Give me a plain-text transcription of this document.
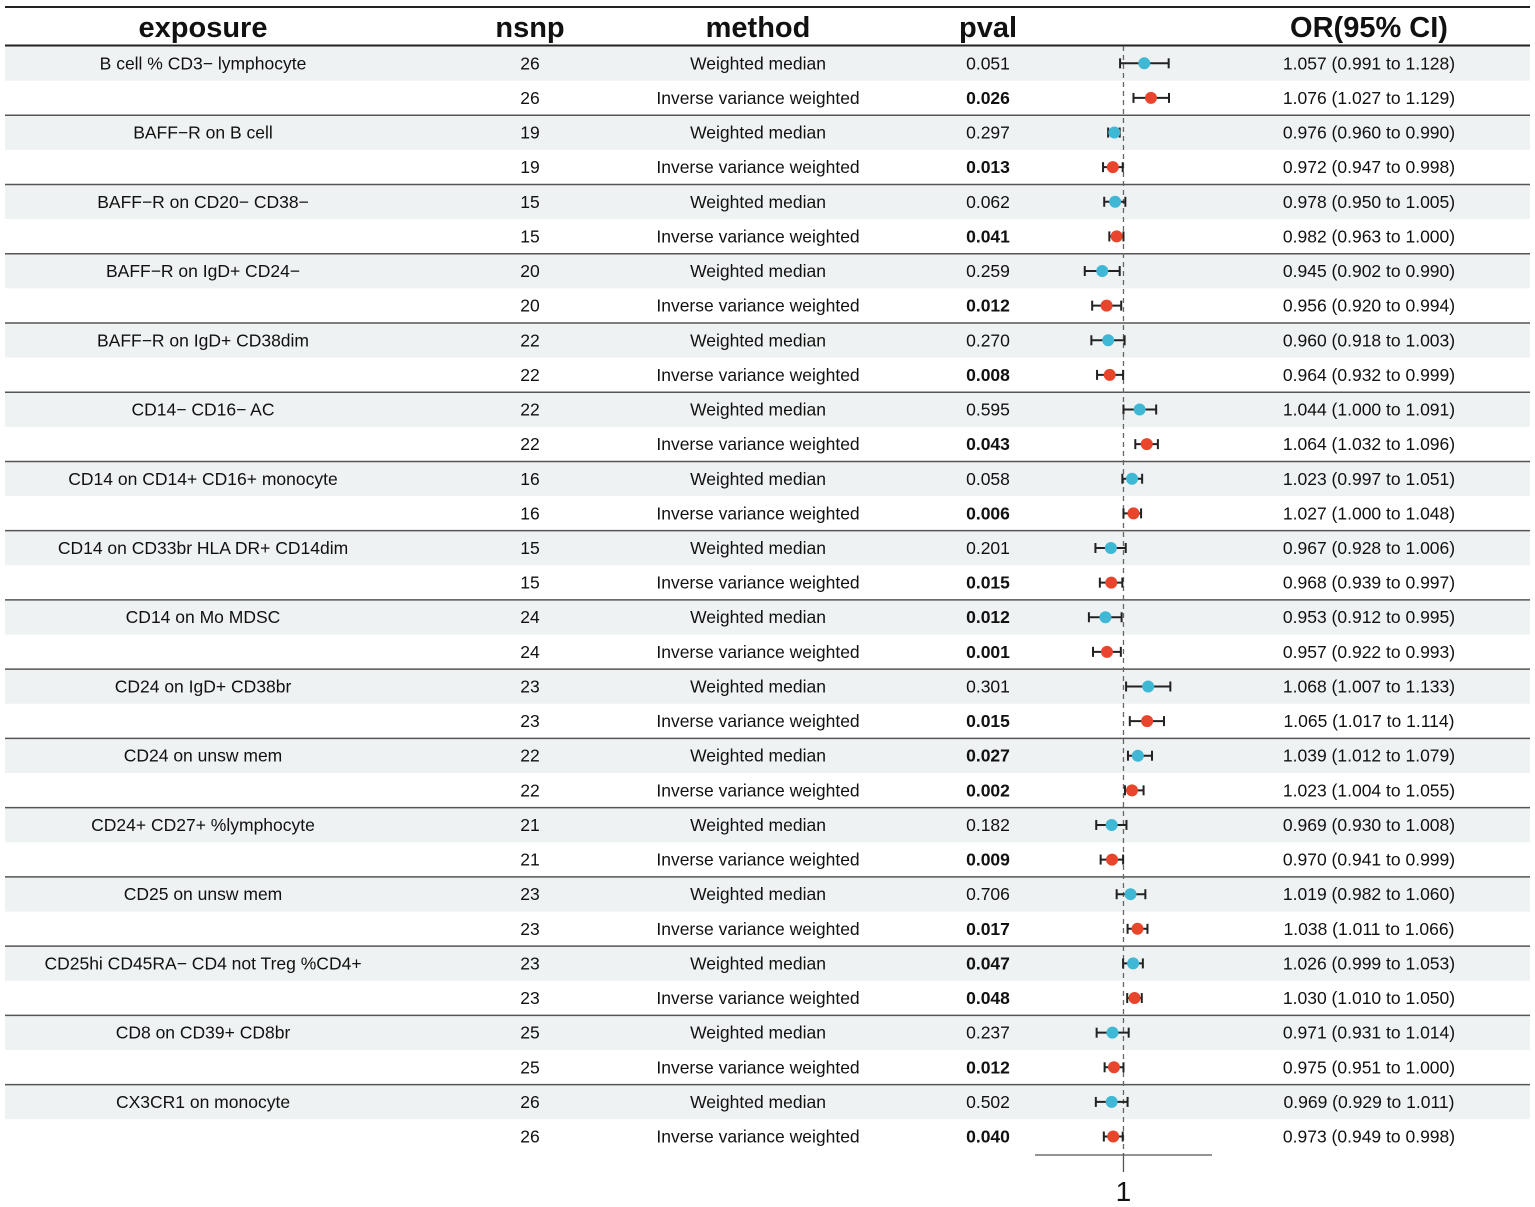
exposure	nsnp	method	pval	OR(95% CI)
1
B cell % CD3− lymphocyte	26	Weighted median	0.051	1.057 (0.991 to 1.128)
26	Inverse variance weighted	0.026	1.076 (1.027 to 1.129)
BAFF−R on B cell	19	Weighted median	0.297	0.976 (0.960 to 0.990)
19	Inverse variance weighted	0.013	0.972 (0.947 to 0.998)
BAFF−R on CD20− CD38−	15	Weighted median	0.062	0.978 (0.950 to 1.005)
15	Inverse variance weighted	0.041	0.982 (0.963 to 1.000)
BAFF−R on IgD+ CD24−	20	Weighted median	0.259	0.945 (0.902 to 0.990)
20	Inverse variance weighted	0.012	0.956 (0.920 to 0.994)
BAFF−R on IgD+ CD38dim	22	Weighted median	0.270	0.960 (0.918 to 1.003)
22	Inverse variance weighted	0.008	0.964 (0.932 to 0.999)
CD14− CD16− AC	22	Weighted median	0.595	1.044 (1.000 to 1.091)
22	Inverse variance weighted	0.043	1.064 (1.032 to 1.096)
CD14 on CD14+ CD16+ monocyte	16	Weighted median	0.058	1.023 (0.997 to 1.051)
16	Inverse variance weighted	0.006	1.027 (1.000 to 1.048)
CD14 on CD33br HLA DR+ CD14dim	15	Weighted median	0.201	0.967 (0.928 to 1.006)
15	Inverse variance weighted	0.015	0.968 (0.939 to 0.997)
CD14 on Mo MDSC	24	Weighted median	0.012	0.953 (0.912 to 0.995)
24	Inverse variance weighted	0.001	0.957 (0.922 to 0.993)
CD24 on IgD+ CD38br	23	Weighted median	0.301	1.068 (1.007 to 1.133)
23	Inverse variance weighted	0.015	1.065 (1.017 to 1.114)
CD24 on unsw mem	22	Weighted median	0.027	1.039 (1.012 to 1.079)
22	Inverse variance weighted	0.002	1.023 (1.004 to 1.055)
CD24+ CD27+ %lymphocyte	21	Weighted median	0.182	0.969 (0.930 to 1.008)
21	Inverse variance weighted	0.009	0.970 (0.941 to 0.999)
CD25 on unsw mem	23	Weighted median	0.706	1.019 (0.982 to 1.060)
23	Inverse variance weighted	0.017	1.038 (1.011 to 1.066)
CD25hi CD45RA− CD4 not Treg %CD4+	23	Weighted median	0.047	1.026 (0.999 to 1.053)
23	Inverse variance weighted	0.048	1.030 (1.010 to 1.050)
CD8 on CD39+ CD8br	25	Weighted median	0.237	0.971 (0.931 to 1.014)
25	Inverse variance weighted	0.012	0.975 (0.951 to 1.000)
CX3CR1 on monocyte	26	Weighted median	0.502	0.969 (0.929 to 1.011)
26	Inverse variance weighted	0.040	0.973 (0.949 to 0.998)
